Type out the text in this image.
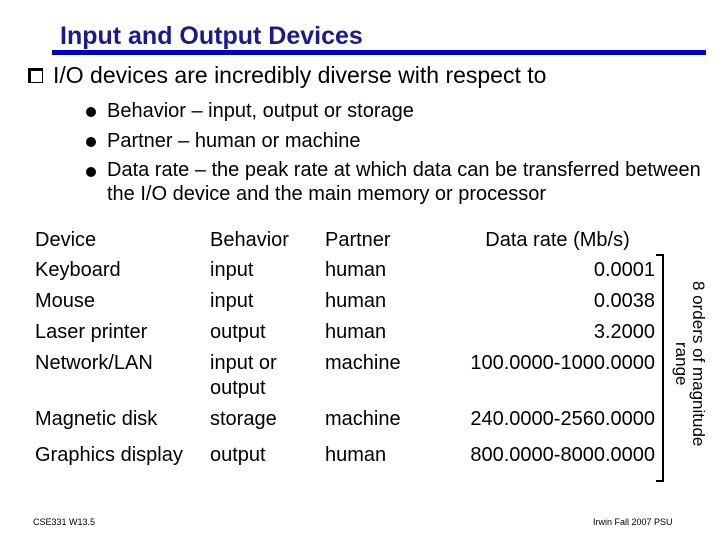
Input and Output Devices
I/O devices are incredibly diverse with respect to
Behavior – input, output or storage
Partner – human or machine
Data rate – the peak rate at which data can be transferred between the I/O device and the main memory or processor
Device	Behavior	Partner	Data rate (Mb/s)
Keyboard	input	human	0.0001
Mouse	input	human	0.0038
Laser printer	output	human	3.2000
Network/LAN	input or output	machine	100.0000-1000.0000
Magnetic disk	storage	machine	240.0000-2560.0000
Graphics display	output	human	800.0000-8000.0000
8 orders of magnitude range
CSE331 W13.5	Irwin Fall 2007 PSU
